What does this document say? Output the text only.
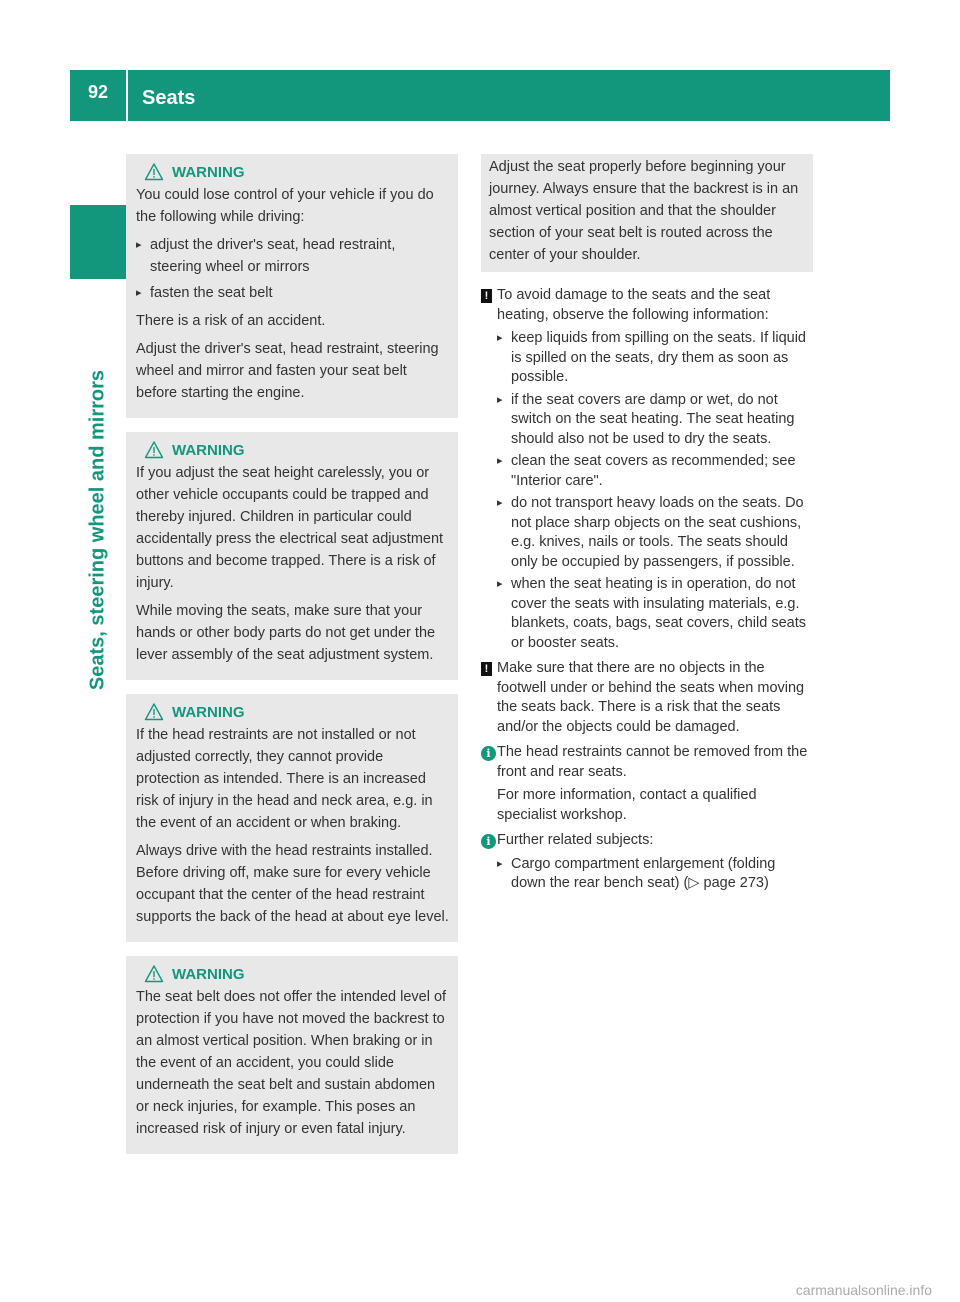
92	Seats
Seats, steering wheel and mirrors
WARNING

You could lose control of your vehicle if you do the following while driving:

▸ adjust the driver's seat, head restraint, steering wheel or mirrors
▸ fasten the seat belt

There is a risk of an accident.

Adjust the driver's seat, head restraint, steering wheel and mirror and fasten your seat belt before starting the engine.

WARNING

If you adjust the seat height carelessly, you or other vehicle occupants could be trapped and thereby injured. Children in particular could accidentally press the electrical seat adjustment buttons and become trapped. There is a risk of injury.

While moving the seats, make sure that your hands or other body parts do not get under the lever assembly of the seat adjustment system.

WARNING

If the head restraints are not installed or not adjusted correctly, they cannot provide protection as intended. There is an increased risk of injury in the head and neck area, e.g. in the event of an accident or when braking.

Always drive with the head restraints installed. Before driving off, make sure for every vehicle occupant that the center of the head restraint supports the back of the head at about eye level.

WARNING

The seat belt does not offer the intended level of protection if you have not moved the backrest to an almost vertical position. When braking or in the event of an accident, you could slide underneath the seat belt and sustain abdomen or neck injuries, for example. This poses an increased risk of injury or even fatal injury.

Adjust the seat properly before beginning your journey. Always ensure that the backrest is in an almost vertical position and that the shoulder section of your seat belt is routed across the center of your shoulder.

! To avoid damage to the seats and the seat heating, observe the following information:

▸ keep liquids from spilling on the seats. If liquid is spilled on the seats, dry them as soon as possible.
▸ if the seat covers are damp or wet, do not switch on the seat heating. The seat heating should also not be used to dry the seats.
▸ clean the seat covers as recommended; see "Interior care".
▸ do not transport heavy loads on the seats. Do not place sharp objects on the seat cushions, e.g. knives, nails or tools. The seats should only be occupied by passengers, if possible.
▸ when the seat heating is in operation, do not cover the seats with insulating materials, e.g. blankets, coats, bags, seat covers, child seats or booster seats.
! Make sure that there are no objects in the footwell under or behind the seats when moving the seats back. There is a risk that the seats and/or the objects could be damaged.

i The head restraints cannot be removed from the front and rear seats.

For more information, contact a qualified specialist workshop.

i Further related subjects:

▸ Cargo compartment enlargement (folding down the rear bench seat) (▷ page 273)
carmanualsonline.info
